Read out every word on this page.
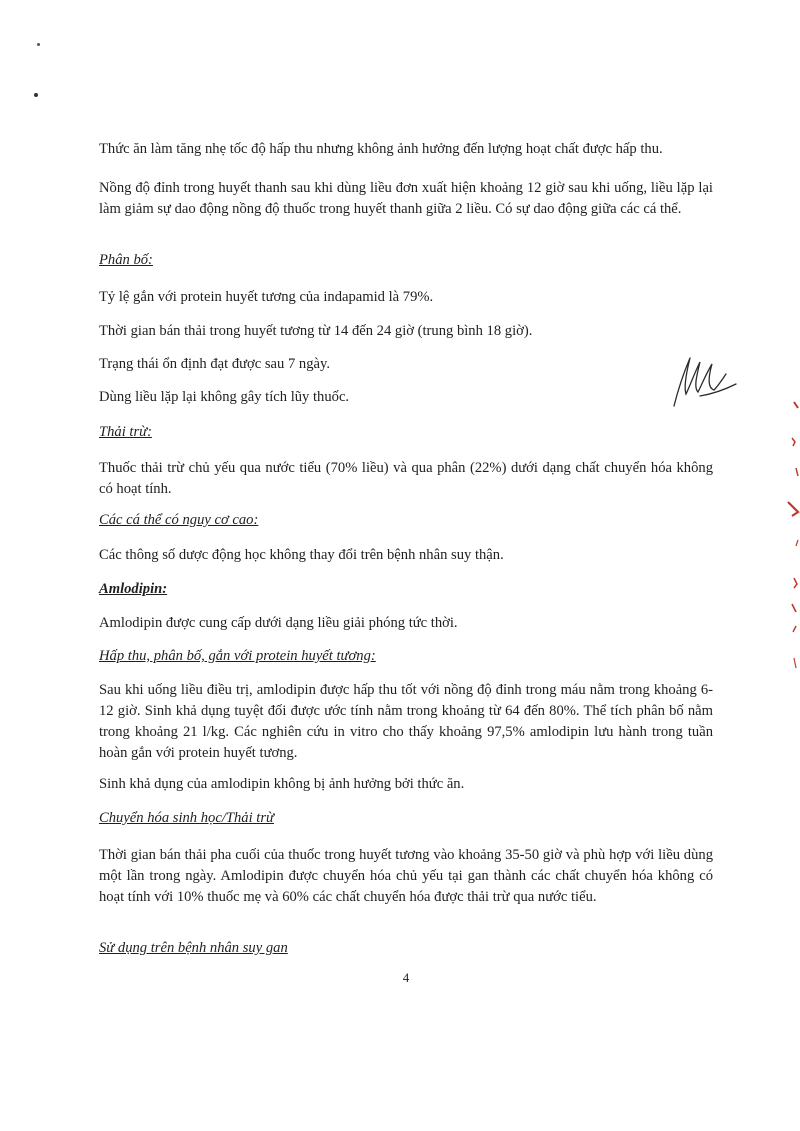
Thức ăn làm tăng nhẹ tốc độ hấp thu nhưng không ảnh hưởng đến lượng hoạt chất được hấp thu.

Nồng độ đỉnh trong huyết thanh sau khi dùng liều đơn xuất hiện khoảng 12 giờ sau khi uống, liều lặp lại làm giảm sự dao động nồng độ thuốc trong huyết thanh giữa 2 liều. Có sự dao động giữa các cá thể.

Phân bố:

Tỷ lệ gắn với protein huyết tương của indapamid là 79%.

Thời gian bán thải trong huyết tương từ 14 đến 24 giờ (trung bình 18 giờ).

Trạng thái ổn định đạt được sau 7 ngày.

Dùng liều lặp lại không gây tích lũy thuốc.

Thải trừ:

Thuốc thải trừ chủ yếu qua nước tiểu (70% liều) và qua phân (22%) dưới dạng chất chuyển hóa không có hoạt tính.

Các cá thể có nguy cơ cao:

Các thông số dược động học không thay đổi trên bệnh nhân suy thận.

Amlodipin:

Amlodipin được cung cấp dưới dạng liều giải phóng tức thời.

Hấp thu, phân bố, gắn với protein huyết tương:

Sau khi uống liều điều trị, amlodipin được hấp thu tốt với nồng độ đỉnh trong máu nằm trong khoảng 6-12 giờ. Sinh khả dụng tuyệt đối được ước tính nằm trong khoảng từ 64 đến 80%. Thể tích phân bố nằm trong khoảng 21 l/kg. Các nghiên cứu in vitro cho thấy khoảng 97,5% amlodipin lưu hành trong tuần hoàn gắn với protein huyết tương.

Sinh khả dụng của amlodipin không bị ảnh hưởng bởi thức ăn.

Chuyển hóa sinh học/Thải trừ

Thời gian bán thải pha cuối của thuốc trong huyết tương vào khoảng 35-50 giờ và phù hợp với liều dùng một lần trong ngày. Amlodipin được chuyển hóa chủ yếu tại gan thành các chất chuyển hóa không có hoạt tính với 10% thuốc mẹ và 60% các chất chuyển hóa được thải trừ qua nước tiểu.

Sử dụng trên bệnh nhân suy gan

4
